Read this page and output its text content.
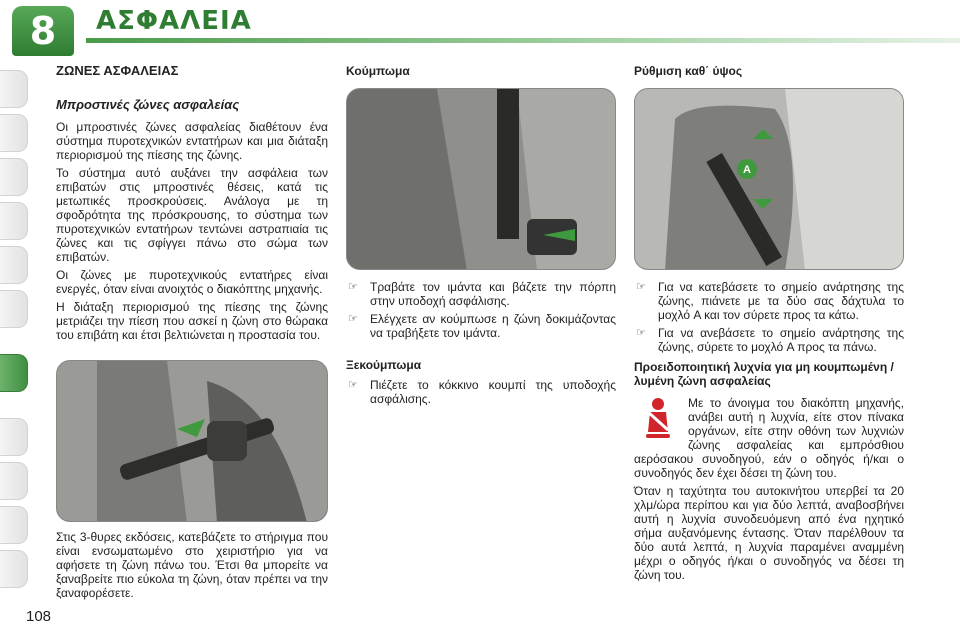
8	ΑΣΦΑΛΕΙΑ
ΖΩΝΕΣ ΑΣΦΑΛΕΙΑΣ
Μπροστινές ζώνες ασφαλείας

Οι μπροστινές ζώνες ασφαλείας διαθέτουν ένα σύστημα πυροτεχνικών εντατήρων και μια διάταξη περιορισμού της πίεσης της ζώνης.

Το σύστημα αυτό αυξάνει την ασφάλεια των επιβατών στις μπροστινές θέσεις, κατά τις μετωπικές προσκρούσεις. Ανάλογα με τη σφοδρότητα της πρόσκρουσης, το σύστημα των πυροτεχνικών εντατήρων τεντώνει αστραπιαία τις ζώνες και τις σφίγγει πάνω στο σώμα των επιβατών.

Οι ζώνες με πυροτεχνικούς εντατήρες είναι ενεργές, όταν είναι ανοιχτός ο διακόπτης μηχανής.

Η διάταξη περιορισμού της πίεσης της ζώνης μετριάζει την πίεση που ασκεί η ζώνη στο θώρακα του επιβάτη και έτσι βελτιώνεται η προστασία του.

Στις 3-θυρες εκδόσεις, κατεβάζετε το στήριγμα που είναι ενσωματωμένο στο χειριστήριο για να αφήσετε τη ζώνη πάνω του. Έτσι θα μπορείτε να ξαναβρείτε πιο εύκολα τη ζώνη, όταν πρέπει να την ξαναφορέσετε.

Κούμπωμα
☞ Τραβάτε τον ιμάντα και βάζετε την πόρπη στην υποδοχή ασφάλισης.
☞ Ελέγχετε αν κούμπωσε η ζώνη δοκιμάζοντας να τραβήξετε τον ιμάντα.
Ξεκούμπωμα
☞ Πιέζετε το κόκκινο κουμπί της υποδοχής ασφάλισης.
Ρύθμιση καθ΄ ύψος
A
☞ Για να κατεβάσετε το σημείο ανάρτησης της ζώνης, πιάνετε με τα δύο σας δάχτυλα το μοχλό A και τον σύρετε προς τα κάτω.
☞ Για να ανεβάσετε το σημείο ανάρτησης της ζώνης, σύρετε το μοχλό A προς τα πάνω.
Προειδοποιητική λυχνία για μη κουμπωμένη / λυμένη ζώνη ασφαλείας

Με το άνοιγμα του διακόπτη μηχανής, ανάβει αυτή η λυχνία, είτε στον πίνακα οργάνων, είτε στην οθόνη των λυχνιών ζώνης ασφαλείας και εμπρόσθιου αερόσακου συνοδηγού, εάν ο οδηγός ή/και ο συνοδηγός δεν έχει δέσει τη ζώνη του.

Όταν η ταχύτητα του αυτοκινήτου υπερβεί τα 20 χλμ/ώρα περίπου και για δύο λεπτά, αναβοσβήνει αυτή η λυχνία συνοδευόμενη από ένα ηχητικό σήμα αυξανόμενης έντασης. Όταν παρέλθουν τα δύο αυτά λεπτά, η λυχνία παραμένει αναμμένη μέχρι ο οδηγός ή/και ο συνοδηγός να δέσει τη ζώνη του.

108
